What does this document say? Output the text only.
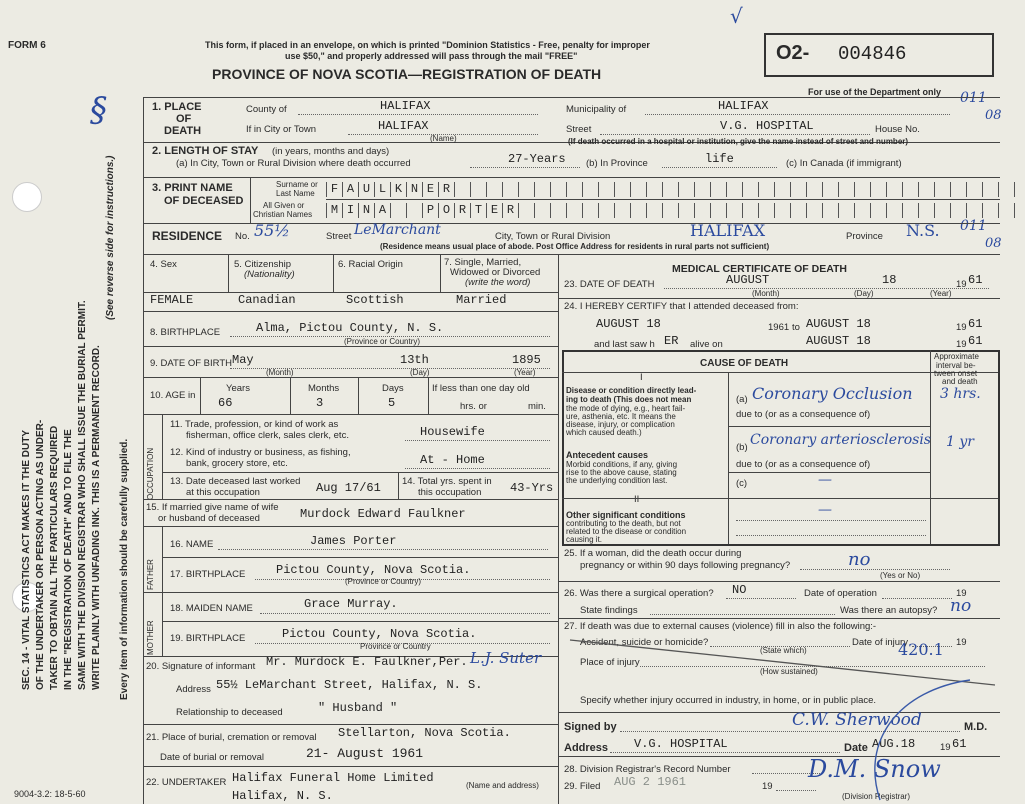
FORM 6
SEC. 14 - VITAL STATISTICS ACT MAKES IT THE DUTY OF THE UNDERTAKER OR PERSON ACTING AS UNDER- TAKER TO OBTAIN ALL THE PARTICULARS REQUIRED IN THE "REGISTRATION OF DEATH" AND TO FILE THE SAME WITH THE DIVISION REGISTRAR WHO SHALL ISSUE THE BURIAL PERMIT. WRITE PLAINLY WITH UNFADING INK. THIS IS A PERMANENT RECORD.
(See reverse side for instructions.)
Every item of information should be carefully supplied.
§
This form, if placed in an envelope, on which is printed "Dominion Statistics - Free, penalty for improper
use $50," and properly addressed will pass through the mail "FREE"
PROVINCE OF NOVA SCOTIA—REGISTRATION OF DEATH
O2- 004846
For use of the Department only
√
011
08
011
08
1. PLACE
OF
DEATH
County of	HALIFAX	Municipality of	HALIFAX
If in City or Town	HALIFAX
(Name)
Street	V.G. HOSPITAL	House No.
2. LENGTH OF STAY (in years, months and days)
(If death occurred in a hospital or institution, give the name instead of street and number)
(a) In City, Town or Rural Division where death occurred	27-Years (b) In Province	life	(c) In Canada (if immigrant)
3. PRINT NAME
OF DECEASED
Surname or
Last Name
All Given or
Christian Names
F A U L K N E R
M I N A	P O R T E R
RESIDENCE No. 55½	Street LeMarchant	City, Town or Rural Division	HALIFAX	Province N.S.
(Residence means usual place of abode. Post Office Address for residents in rural parts not sufficient)
4. Sex
FEMALE
5. Citizenship
(Nationality)
Canadian
6. Racial Origin
Scottish
7. Single, Married,
Widowed or Divorced
(write the word)
Married
8. BIRTHPLACE	Alma, Pictou County, N. S.
(Province or Country)
9. DATE OF BIRTH May	13th	1895
(Month)	(Day)	(Year)
10. AGE in
Years
66
Months
3
Days
5
If less than one day old
hrs. or	min.
OCCUPATION
11. Trade, profession, or kind of work as
fisherman, office clerk, sales clerk, etc.	Housewife
12. Kind of industry or business, as fishing,
bank, grocery store, etc.	At - Home
13. Date deceased last worked
at this occupation	Aug 17/61 14. Total yrs. spent in
this occupation 43-Yrs
15. If married give name of wife
or husband of deceased	Murdock Edward Faulkner
FATHER
16. NAME	James Porter
17. BIRTHPLACE	Pictou County, Nova Scotia.
(Province or Country)
MOTHER
18. MAIDEN NAME	Grace Murray.
19. BIRTHPLACE	Pictou County, Nova Scotia.
Province or Country
20. Signature of informant Mr. Murdock E. Faulkner,Per. L.J. Suter
Address 55½ LeMarchant Street, Halifax, N. S.
Relationship to deceased	" Husband "
21. Place of burial, cremation or removal Stellarton, Nova Scotia.
Date of burial or removal	21- August 1961
22. UNDERTAKER Halifax Funeral Home Limited
(Name and address)
Halifax, N. S.
9004-3.2: 18-5-60
MEDICAL CERTIFICATE OF DEATH
23. DATE OF DEATH	AUGUST	18	19 61
(Month)	(Day)	(Year)
24. I HEREBY CERTIFY that I attended deceased from:
AUGUST 18	1961 to AUGUST 18	19 61
and last saw h ER alive on	AUGUST 18	19 61
CAUSE OF DEATH
Approximate
interval be-
tween onset
and death
I
Disease or condition directly lead-
ing to death (This does not mean
the mode of dying, e.g., heart fail-
ure, asthenia, etc. It means the
disease, injury, or complication
which caused death.)
Antecedent causes
Morbid conditions, if any, giving
rise to the above cause, stating
the underlying condition last.
II
Other significant conditions
contributing to the death, but not
related to the disease or condition
causing it.
(a) Coronary Occlusion 3 hrs.
due to (or as a consequence of)
(b) Coronary arteriosclerosis 1 yr
due to (or as a consequence of)
(c)	—
—
25. If a woman, did the death occur during
pregnancy or within 90 days following pregnancy?	no
(Yes or No)
26. Was there a surgical operation? NO	Date of operation	19
State findings	Was there an autopsy? no
27. If death was due to external causes (violence) fill in also the following:-
Accident, suicide or homicide?	Date of injury	19
(State which)	420.1
Place of injury
(How sustained)
Specify whether injury occurred in industry, in home, or in public place.
Signed by	C.W. Sherwood	M.D.
Address V.G. HOSPITAL	Date AUG.18	19 61
28. Division Registrar's Record Number
29. Filed AUG 2 1961	19
D.M. Snow
(Division Registrar)
